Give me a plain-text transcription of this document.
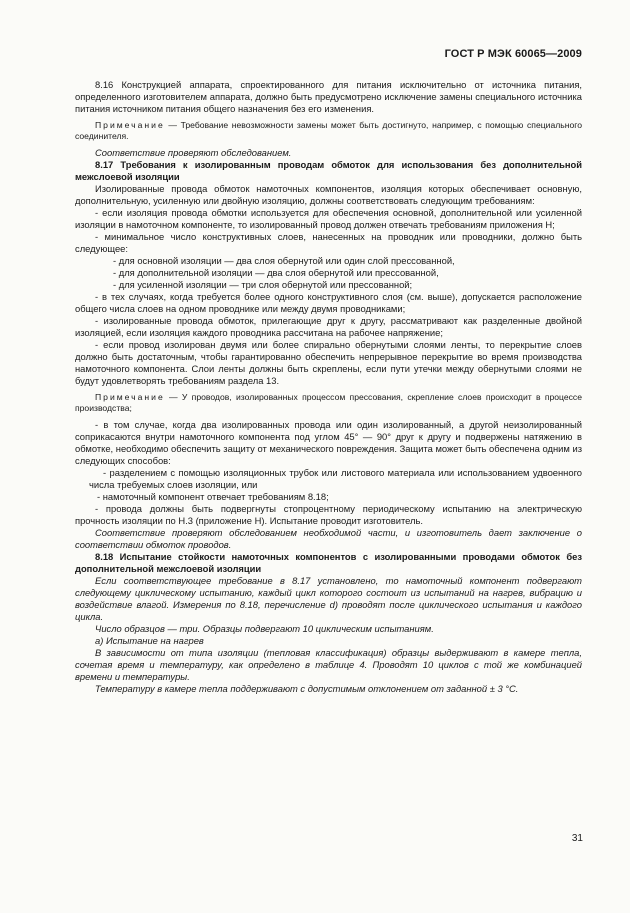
ГОСТ Р МЭК 60065—2009

8.16 Конструкцией аппарата, спроектированного для питания исключительно от источника питания, определенного изготовителем аппарата, должно быть предусмотрено исключение замены специального источника питания источником питания общего назначения без его изменения.

Примечание — Требование невозможности замены может быть достигнуто, например, с помощью специального соединителя.

Соответствие проверяют обследованием.

8.17 Требования к изолированным проводам обмоток для использования без дополнительной межслоевой изоляции

Изолированные провода обмоток намоточных компонентов, изоляция которых обеспечивает основную, дополнительную, усиленную или двойную изоляцию, должны соответствовать следующим требованиям:

- если изоляция провода обмотки используется для обеспечения основной, дополнительной или усиленной изоляции в намоточном компоненте, то изолированный провод должен отвечать требованиям приложения Н;

- минимальное число конструктивных слоев, нанесенных на проводник или проводники, должно быть следующее:

- для основной изоляции — два слоя обернутой или один слой прессованной,

- для дополнительной изоляции — два слоя обернутой или прессованной,

- для усиленной изоляции — три слоя обернутой или прессованной;

- в тех случаях, когда требуется более одного конструктивного слоя (см. выше), допускается расположение общего числа слоев на одном проводнике или между двумя проводниками;

- изолированные провода обмоток, прилегающие друг к другу, рассматривают как разделенные двойной изоляцией, если изоляция каждого проводника рассчитана на рабочее напряжение;

- если провод изолирован двумя или более спирально обернутыми слоями ленты, то перекрытие слоев должно быть достаточным, чтобы гарантированно обеспечить непрерывное перекрытие во время производства намоточного компонента. Слои ленты должны быть скреплены, если пути утечки между обернутыми слоями не будут удовлетворять требованиям раздела 13.

Примечание — У проводов, изолированных процессом прессования, скрепление слоев происходит в процессе производства;

- в том случае, когда два изолированных провода или один изолированный, а другой неизолированный соприкасаются внутри намоточного компонента под углом 45° — 90° друг к другу и подвержены натяжению в обмотке, необходимо обеспечить защиту от механического повреждения. Защита может быть обеспечена одним из следующих способов:

- разделением с помощью изоляционных трубок или листового материала или использованием удвоенного числа требуемых слоев изоляции, или

- намоточный компонент отвечает требованиям 8.18;

- провода должны быть подвергнуты стопроцентному периодическому испытанию на электрическую прочность изоляции по Н.3 (приложение Н). Испытание проводит изготовитель.

Соответствие проверяют обследованием необходимой части, и изготовитель дает заключение о соответствии обмоток проводов.

8.18 Испытание стойкости намоточных компонентов с изолированными проводами обмоток без дополнительной межслоевой изоляции

Если соответствующее требование в 8.17 установлено, то намоточный компонент подвергают следующему циклическому испытанию, каждый цикл которого состоит из испытаний на нагрев, вибрацию и воздействие влагой. Измерения по 8.18, перечисление d) проводят после циклического испытания и каждого цикла.

Число образцов — три. Образцы подвергают 10 циклическим испытаниям.

а) Испытание на нагрев

В зависимости от типа изоляции (тепловая классификация) образцы выдерживают в камере тепла, сочетая время и температуру, как определено в таблице 4. Проводят 10 циклов с той же комбинацией времени и температуры.

Температуру в камере тепла поддерживают с допустимым отклонением от заданной ± 3 °С.

31
